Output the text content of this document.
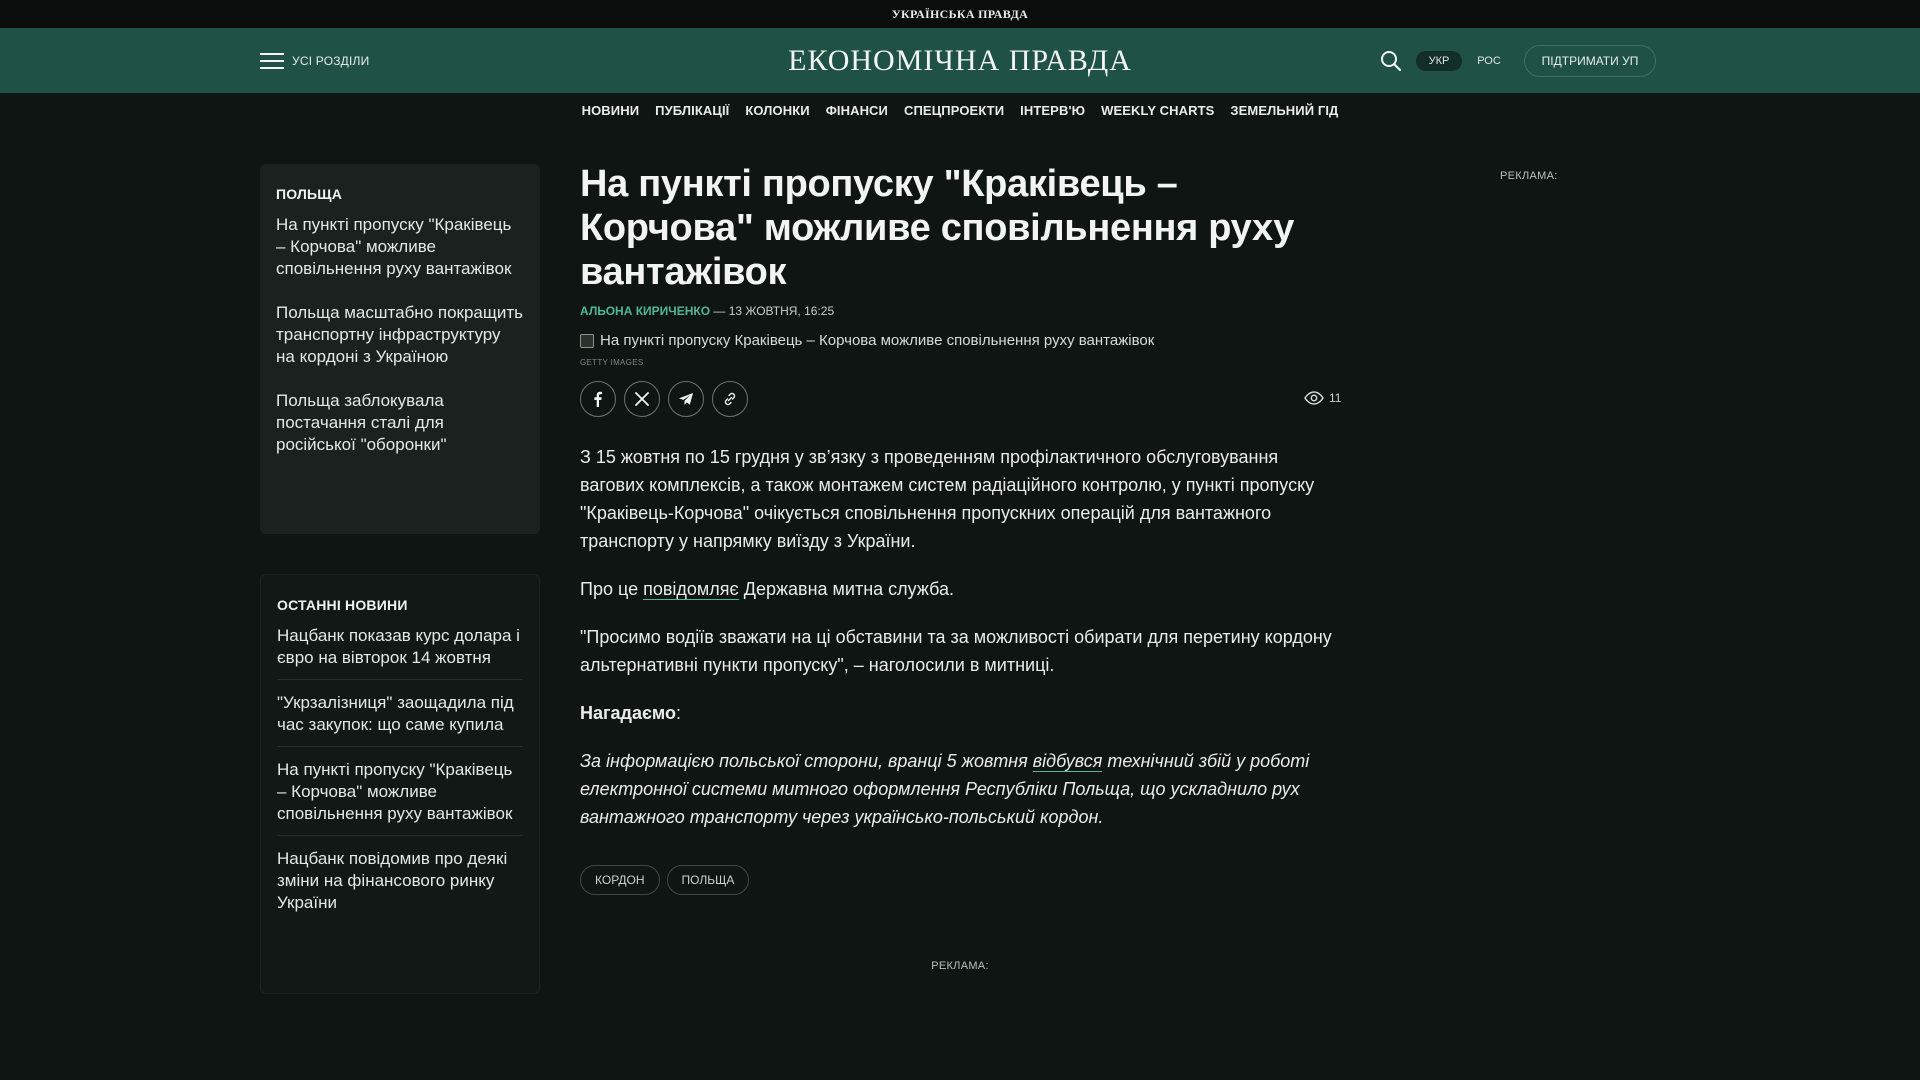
УКРАЇНСЬКА ПРАВДА
УСІ РОЗДІЛИ	ЕКОНОМІЧНА ПРАВДА	УКР	РОС	ПІДТРИМАТИ УП
НОВИНИ ПУБЛІКАЦІЇ КОЛОНКИ ФІНАНСИ СПЕЦПРОЕКТИ ІНТЕРВ'Ю WEEKLY CHARTS ЗЕМЕЛЬНИЙ ГІД
ПОЛЬЩА
На пункті пропуску "Краківець – Корчова" можливе сповільнення руху вантажівок
Польща масштабно покращить транспортну інфраструктуру на кордоні з Україною
Польща заблокувала постачання сталі для російської "оборонки"
ОСТАННІ НОВИНИ
Нацбанк показав курс долара і євро на вівторок 14 жовтня
"Укрзалізниця" заощадила під час закупок: що саме купила
На пункті пропуску "Краківець – Корчова" можливе сповільнення руху вантажівок
Нацбанк повідомив про деякі зміни на фінансового ринку України
На пункті пропуску "Краківець – Корчова" можливе сповільнення руху вантажівок
АЛЬОНА КИРИЧЕНКО — 13 ЖОВТНЯ, 16:25
На пункті пропуску Краківець – Корчова можливе сповільнення руху вантажівок
GETTY IMAGES
11

З 15 жовтня по 15 грудня у зв’язку з проведенням профілактичного обслуговування вагових комплексів, а також монтажем систем радіаційного контролю, у пункті пропуску "Краківець-Корчова" очікується сповільнення пропускних операцій для вантажного транспорту у напрямку виїзду з України.

Про це повідомляє Державна митна служба.

"Просимо водіїв зважати на ці обставини та за можливості обирати для перетину кордону альтернативні пункти пропуску", – наголосили в митниці.

Нагадаємо:

За інформацією польської сторони, вранці 5 жовтня відбувся технічний збій у роботі електронної системи митного оформлення Республіки Польща, що ускладнило рух вантажного транспорту через українсько-польський кордон.

КОРДОН	ПОЛЬЩА
РЕКЛАМА:
РЕКЛАМА:
